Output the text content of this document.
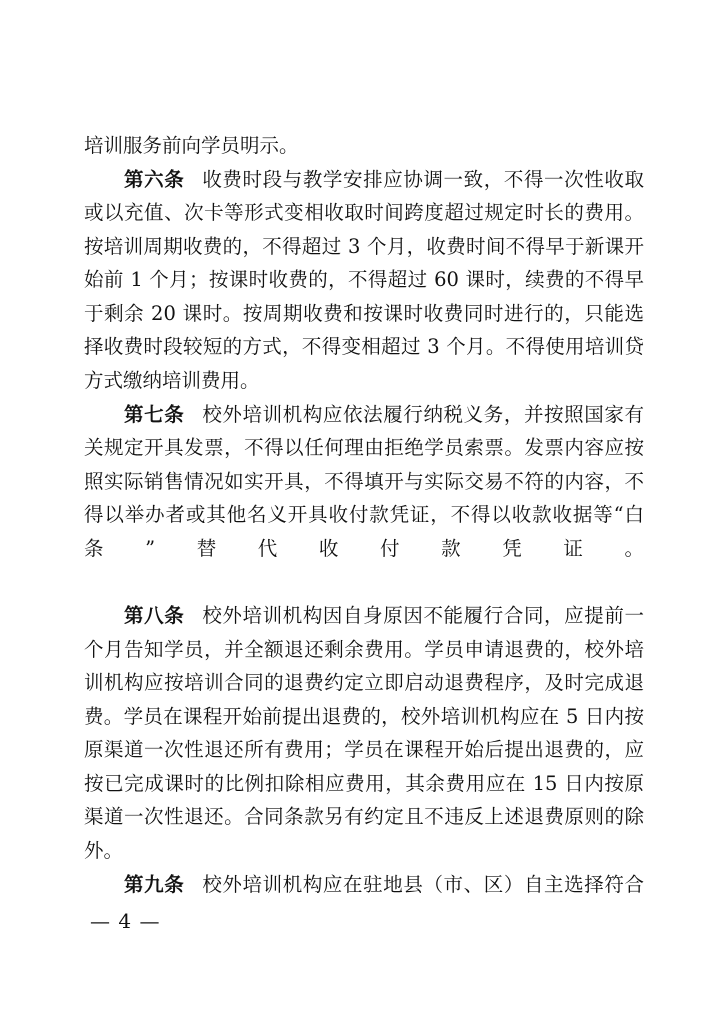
培训服务前向学员明示。
第六条 收费时段与教学安排应协调一致，不得一次性收取
或以充值、次卡等形式变相收取时间跨度超过规定时长的费用。
按培训周期收费的，不得超过 3 个月，收费时间不得早于新课开
始前 1 个月；按课时收费的，不得超过 60 课时，续费的不得早
于剩余 20 课时。按周期收费和按课时收费同时进行的，只能选
择收费时段较短的方式，不得变相超过 3 个月。不得使用培训贷
方式缴纳培训费用。
第七条 校外培训机构应依法履行纳税义务，并按照国家有
关规定开具发票，不得以任何理由拒绝学员索票。发票内容应按
照实际销售情况如实开具，不得填开与实际交易不符的内容，不
得以举办者或其他名义开具收付款凭证，不得以收款收据等“白
条”替代收付款凭证。
第八条 校外培训机构因自身原因不能履行合同，应提前一
个月告知学员，并全额退还剩余费用。学员申请退费的，校外培
训机构应按培训合同的退费约定立即启动退费程序，及时完成退
费。学员在课程开始前提出退费的，校外培训机构应在 5 日内按
原渠道一次性退还所有费用；学员在课程开始后提出退费的，应
按已完成课时的比例扣除相应费用，其余费用应在 15 日内按原
渠道一次性退还。合同条款另有约定且不违反上述退费原则的除
外。
第九条 校外培训机构应在驻地县（市、区）自主选择符合
— 4 —
